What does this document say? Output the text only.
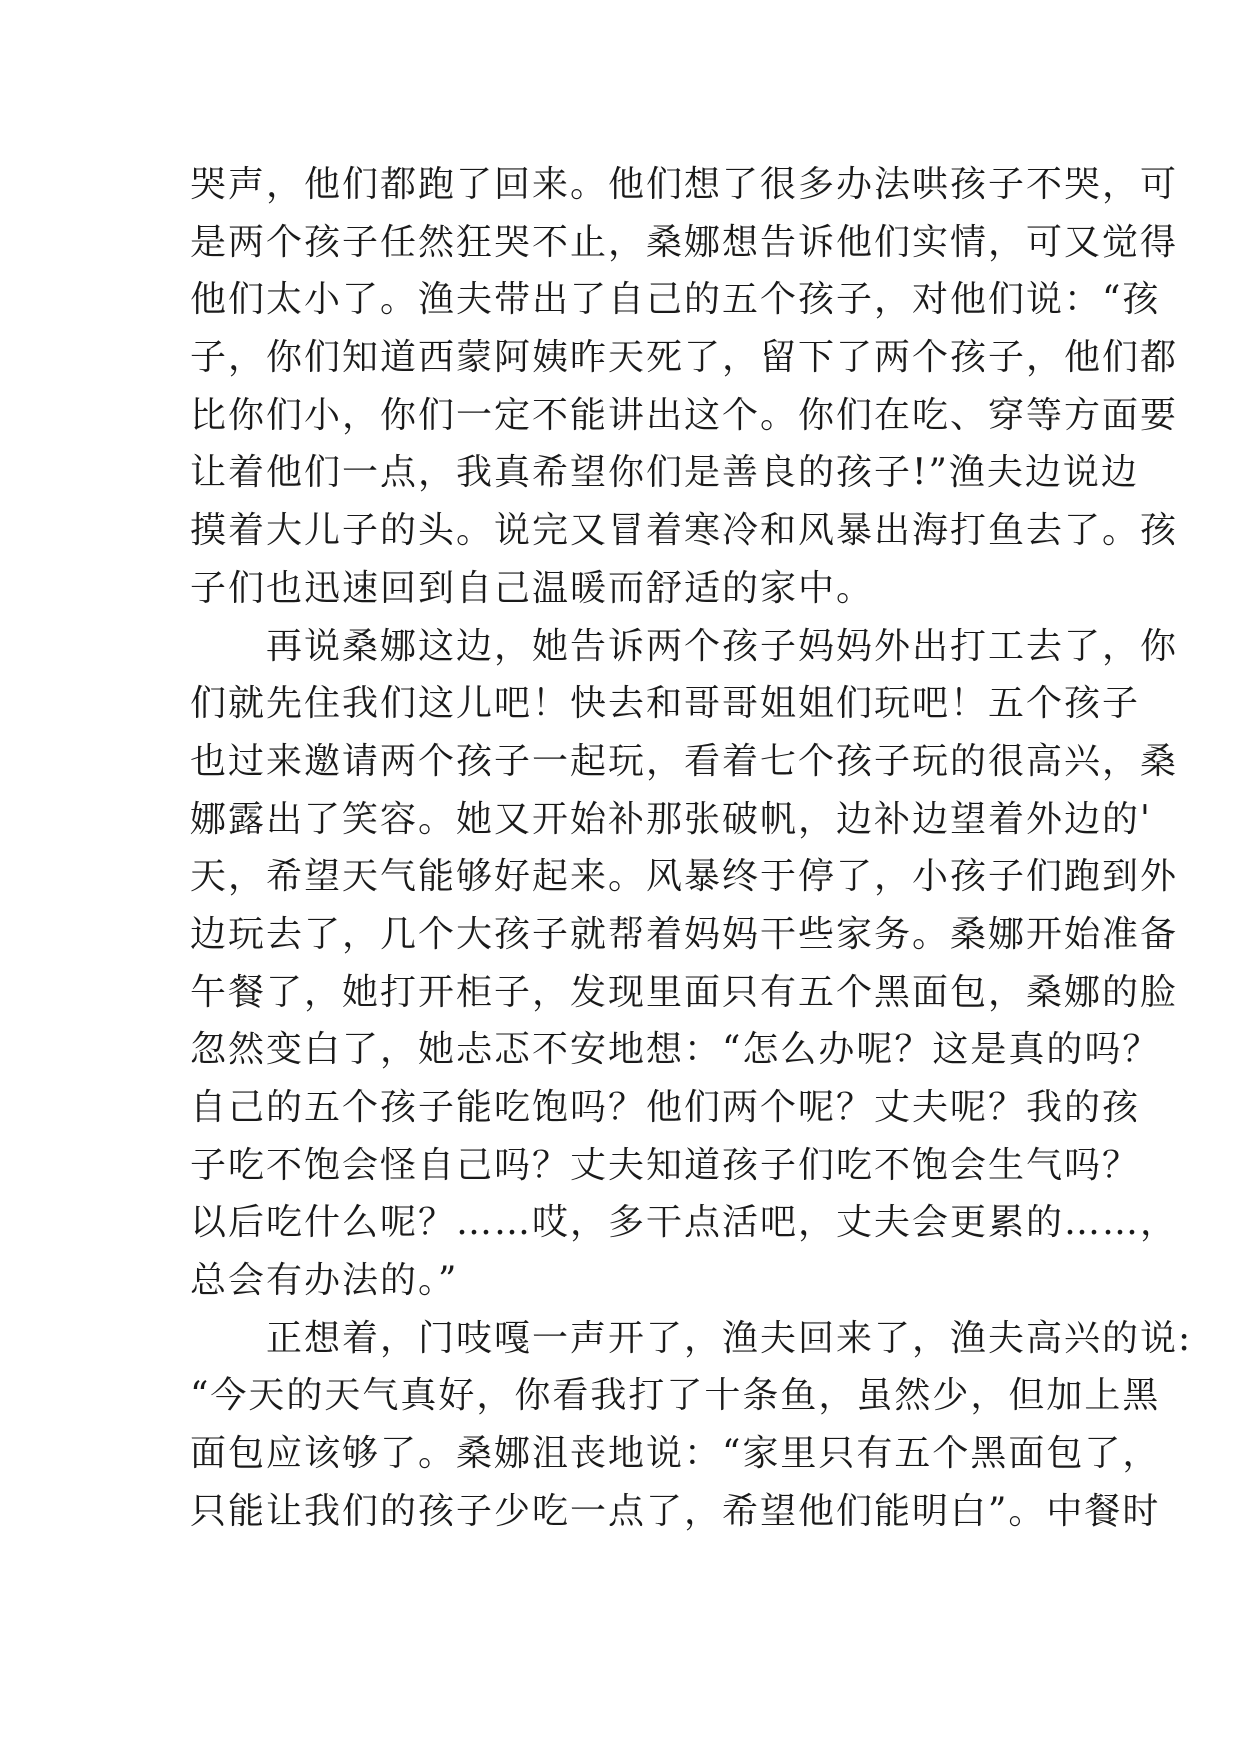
哭声，他们都跑了回来。他们想了很多办法哄孩子不哭，可
是两个孩子任然狂哭不止，桑娜想告诉他们实情，可又觉得
他们太小了。渔夫带出了自己的五个孩子，对他们说：“孩
子，你们知道西蒙阿姨昨天死了，留下了两个孩子，他们都
比你们小，你们一定不能讲出这个。你们在吃、穿等方面要
让着他们一点，我真希望你们是善良的孩子!”渔夫边说边
摸着大儿子的头。说完又冒着寒冷和风暴出海打鱼去了。孩
子们也迅速回到自己温暖而舒适的家中。
　　再说桑娜这边，她告诉两个孩子妈妈外出打工去了，你
们就先住我们这儿吧！快去和哥哥姐姐们玩吧！五个孩子
也过来邀请两个孩子一起玩，看着七个孩子玩的很高兴，桑
娜露出了笑容。她又开始补那张破帆，边补边望着外边的'
天，希望天气能够好起来。风暴终于停了，小孩子们跑到外
边玩去了，几个大孩子就帮着妈妈干些家务。桑娜开始准备
午餐了，她打开柜子，发现里面只有五个黑面包，桑娜的脸
忽然变白了，她忐忑不安地想：“怎么办呢？这是真的吗？
自己的五个孩子能吃饱吗？他们两个呢？丈夫呢？我的孩
子吃不饱会怪自己吗？丈夫知道孩子们吃不饱会生气吗？
以后吃什么呢？……哎，多干点活吧，丈夫会更累的……，
总会有办法的。”
　　正想着，门吱嘎一声开了，渔夫回来了，渔夫高兴的说:
“今天的天气真好，你看我打了十条鱼，虽然少，但加上黑
面包应该够了。桑娜沮丧地说：“家里只有五个黑面包了，
只能让我们的孩子少吃一点了，希望他们能明白”。中餐时
